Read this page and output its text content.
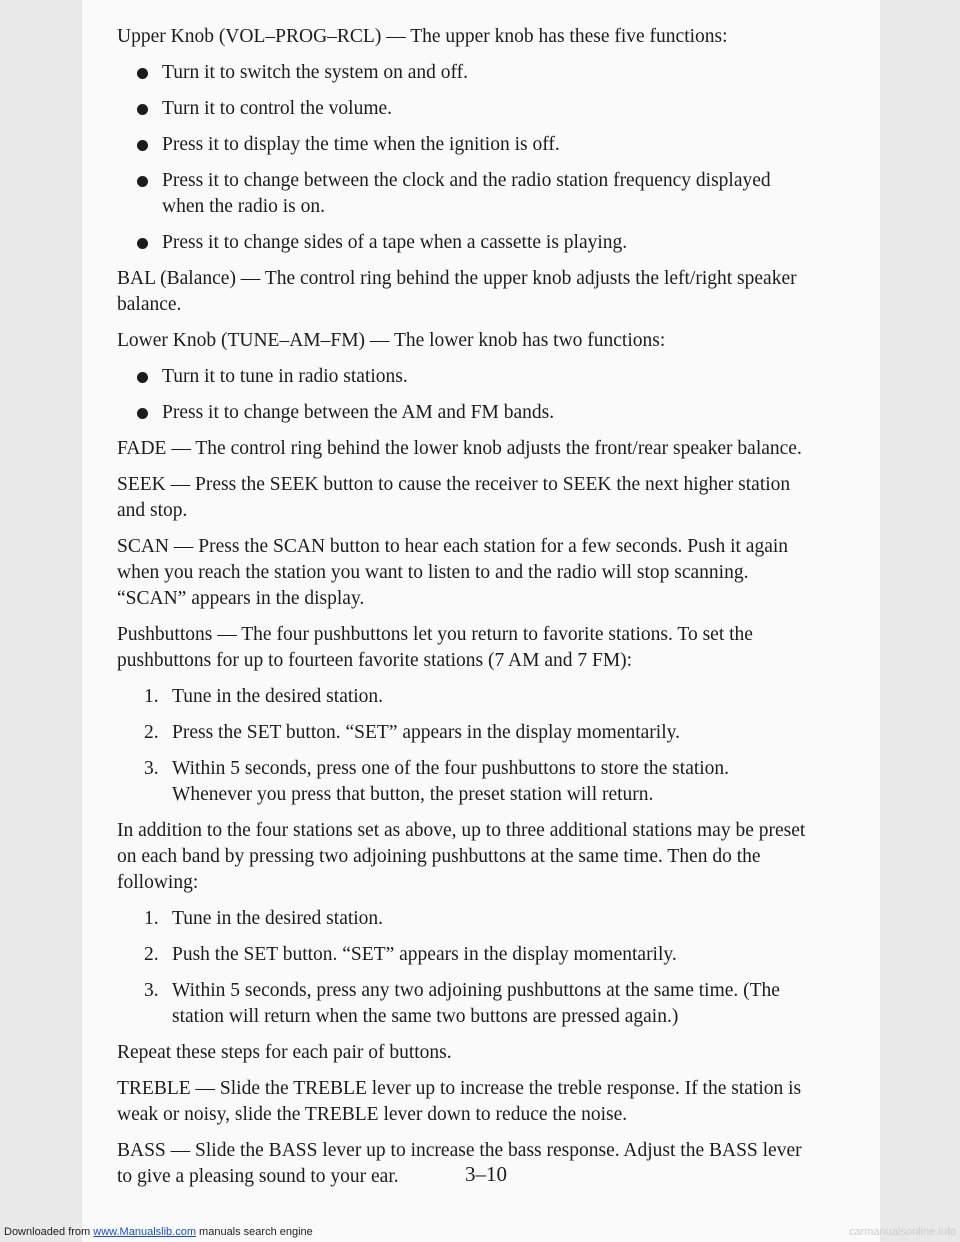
Upper Knob (VOL–PROG–RCL) — The upper knob has these five functions:

Turn it to switch the system on and off.
Turn it to control the volume.
Press it to display the time when the ignition is off.
Press it to change between the clock and the radio station frequency displayed when the radio is on.
Press it to change sides of a tape when a cassette is playing.

BAL (Balance) — The control ring behind the upper knob adjusts the left/right speaker balance.

Lower Knob (TUNE–AM–FM) — The lower knob has two functions:

Turn it to tune in radio stations.
Press it to change between the AM and FM bands.

FADE — The control ring behind the lower knob adjusts the front/rear speaker balance.

SEEK — Press the SEEK button to cause the receiver to SEEK the next higher station and stop.

SCAN — Press the SCAN button to hear each station for a few seconds. Push it again when you reach the station you want to listen to and the radio will stop scanning. “SCAN” appears in the display.

Pushbuttons — The four pushbuttons let you return to favorite stations. To set the pushbuttons for up to fourteen favorite stations (7 AM and 7 FM):

1. Tune in the desired station.
2. Press the SET button. “SET” appears in the display momentarily.
3. Within 5 seconds, press one of the four pushbuttons to store the station. Whenever you press that button, the preset station will return.

In addition to the four stations set as above, up to three additional stations may be preset on each band by pressing two adjoining pushbuttons at the same time. Then do the following:

1. Tune in the desired station.
2. Push the SET button. “SET” appears in the display momentarily.
3. Within 5 seconds, press any two adjoining pushbuttons at the same time. (The station will return when the same two buttons are pressed again.)

Repeat these steps for each pair of buttons.

TREBLE — Slide the TREBLE lever up to increase the treble response. If the station is weak or noisy, slide the TREBLE lever down to reduce the noise.

BASS — Slide the BASS lever up to increase the bass response. Adjust the BASS lever to give a pleasing sound to your ear.	3–10
Downloaded from www.Manualslib.com manuals search engine	carmanualsonline.info
